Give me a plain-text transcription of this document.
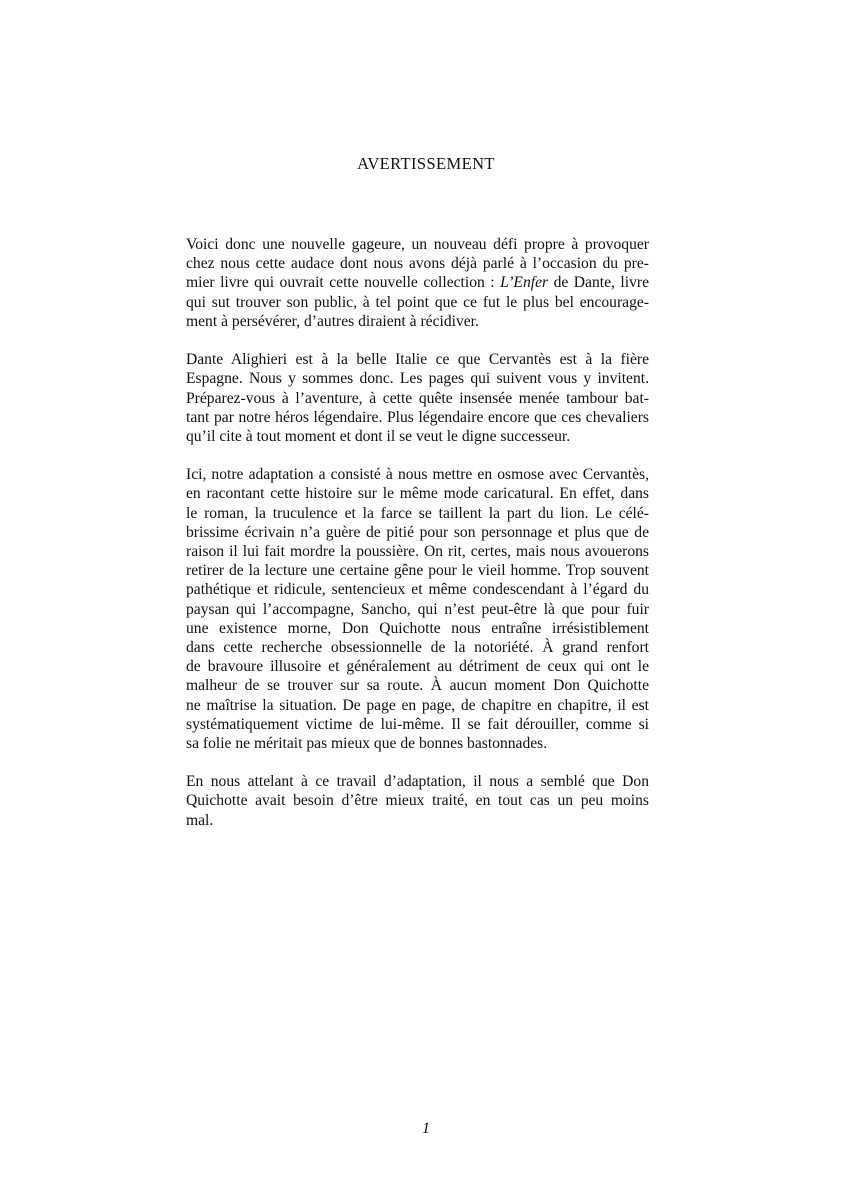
AVERTISSEMENT
Voici donc une nouvelle gageure, un nouveau défi propre à provoquer
chez nous cette audace dont nous avons déjà parlé à l’occasion du pre-
mier livre qui ouvrait cette nouvelle collection : L’Enfer de Dante, livre
qui sut trouver son public, à tel point que ce fut le plus bel encourage-
ment à persévérer, d’autres diraient à récidiver.
Dante Alighieri est à la belle Italie ce que Cervantès est à la fière
Espagne. Nous y sommes donc. Les pages qui suivent vous y invitent.
Préparez-vous à l’aventure, à cette quête insensée menée tambour bat-
tant par notre héros légendaire. Plus légendaire encore que ces chevaliers
qu’il cite à tout moment et dont il se veut le digne successeur.
Ici, notre adaptation a consisté à nous mettre en osmose avec Cervantès,
en racontant cette histoire sur le même mode caricatural. En effet, dans
le roman, la truculence et la farce se taillent la part du lion. Le célé-
brissime écrivain n’a guère de pitié pour son personnage et plus que de
raison il lui fait mordre la poussière. On rit, certes, mais nous avouerons
retirer de la lecture une certaine gêne pour le vieil homme. Trop souvent
pathétique et ridicule, sentencieux et même condescendant à l’égard du
paysan qui l’accompagne, Sancho, qui n’est peut-être là que pour fuir
une existence morne, Don Quichotte nous entraîne irrésistiblement
dans cette recherche obsessionnelle de la notoriété. À grand renfort
de bravoure illusoire et généralement au détriment de ceux qui ont le
malheur de se trouver sur sa route. À aucun moment Don Quichotte
ne maîtrise la situation. De page en page, de chapitre en chapitre, il est
systématiquement victime de lui-même. Il se fait dérouiller, comme si
sa folie ne méritait pas mieux que de bonnes bastonnades.
En nous attelant à ce travail d’adaptation, il nous a semblé que Don
Quichotte avait besoin d’être mieux traité, en tout cas un peu moins
mal.
1
